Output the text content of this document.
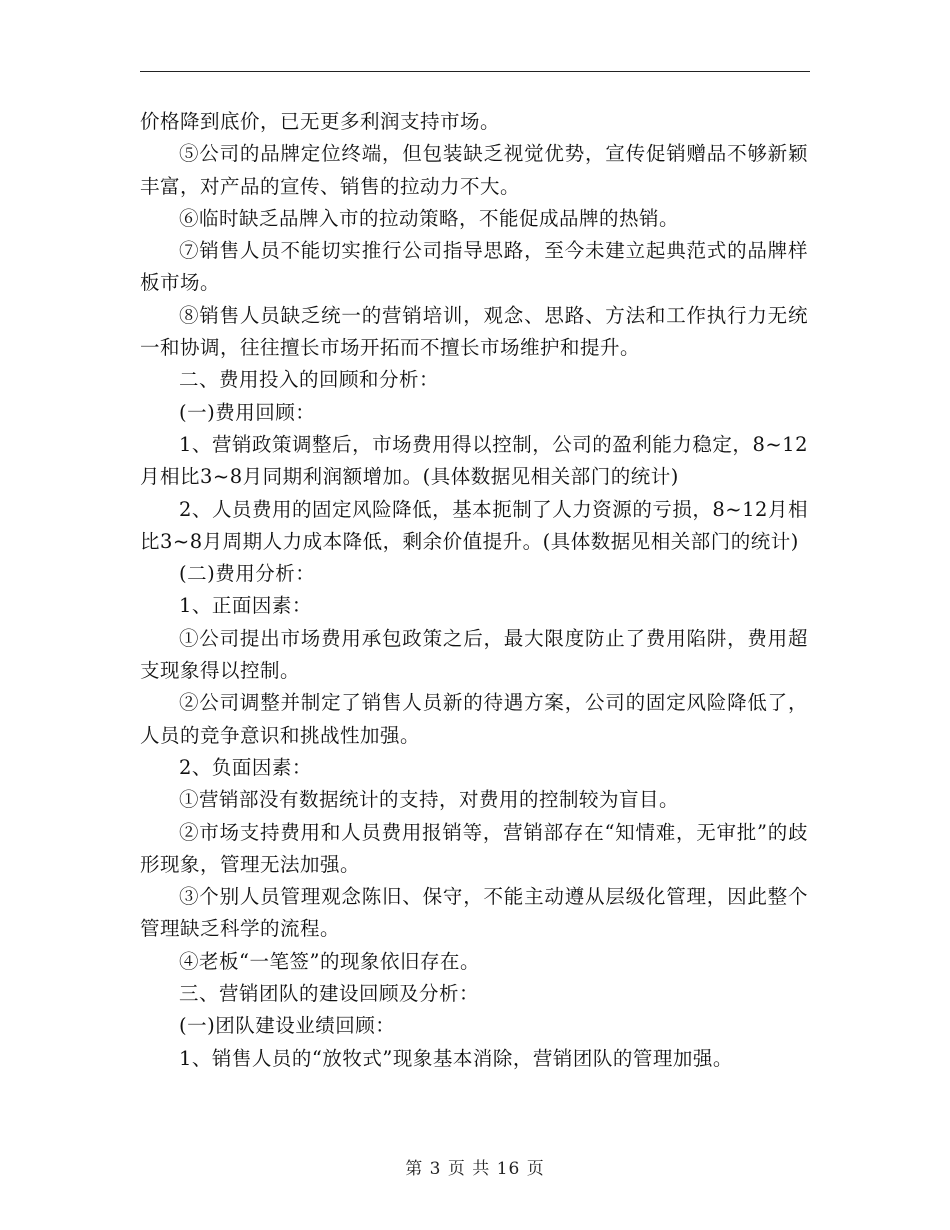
价格降到底价，已无更多利润支持市场。

⑤公司的品牌定位终端，但包装缺乏视觉优势，宣传促销赠品不够新颖丰富，对产品的宣传、销售的拉动力不大。

⑥临时缺乏品牌入市的拉动策略，不能促成品牌的热销。

⑦销售人员不能切实推行公司指导思路，至今未建立起典范式的品牌样板市场。

⑧销售人员缺乏统一的营销培训，观念、思路、方法和工作执行力无统一和协调，往往擅长市场开拓而不擅长市场维护和提升。

二、费用投入的回顾和分析：

(一)费用回顾：

1、营销政策调整后，市场费用得以控制，公司的盈利能力稳定，8~12月相比3~8月同期利润额增加。(具体数据见相关部门的统计)

2、人员费用的固定风险降低，基本扼制了人力资源的亏损，8~12月相比3~8月周期人力成本降低，剩余价值提升。(具体数据见相关部门的统计)

(二)费用分析：

1、正面因素：

①公司提出市场费用承包政策之后，最大限度防止了费用陷阱，费用超支现象得以控制。

②公司调整并制定了销售人员新的待遇方案，公司的固定风险降低了，人员的竞争意识和挑战性加强。

2、负面因素：

①营销部没有数据统计的支持，对费用的控制较为盲目。

②市场支持费用和人员费用报销等，营销部存在“知情难，无审批”的歧形现象，管理无法加强。

③个别人员管理观念陈旧、保守，不能主动遵从层级化管理，因此整个管理缺乏科学的流程。

④老板“一笔签”的现象依旧存在。

三、营销团队的建设回顾及分析：

(一)团队建设业绩回顾：

1、销售人员的“放牧式”现象基本消除，营销团队的管理加强。

第 3 页 共 16 页
